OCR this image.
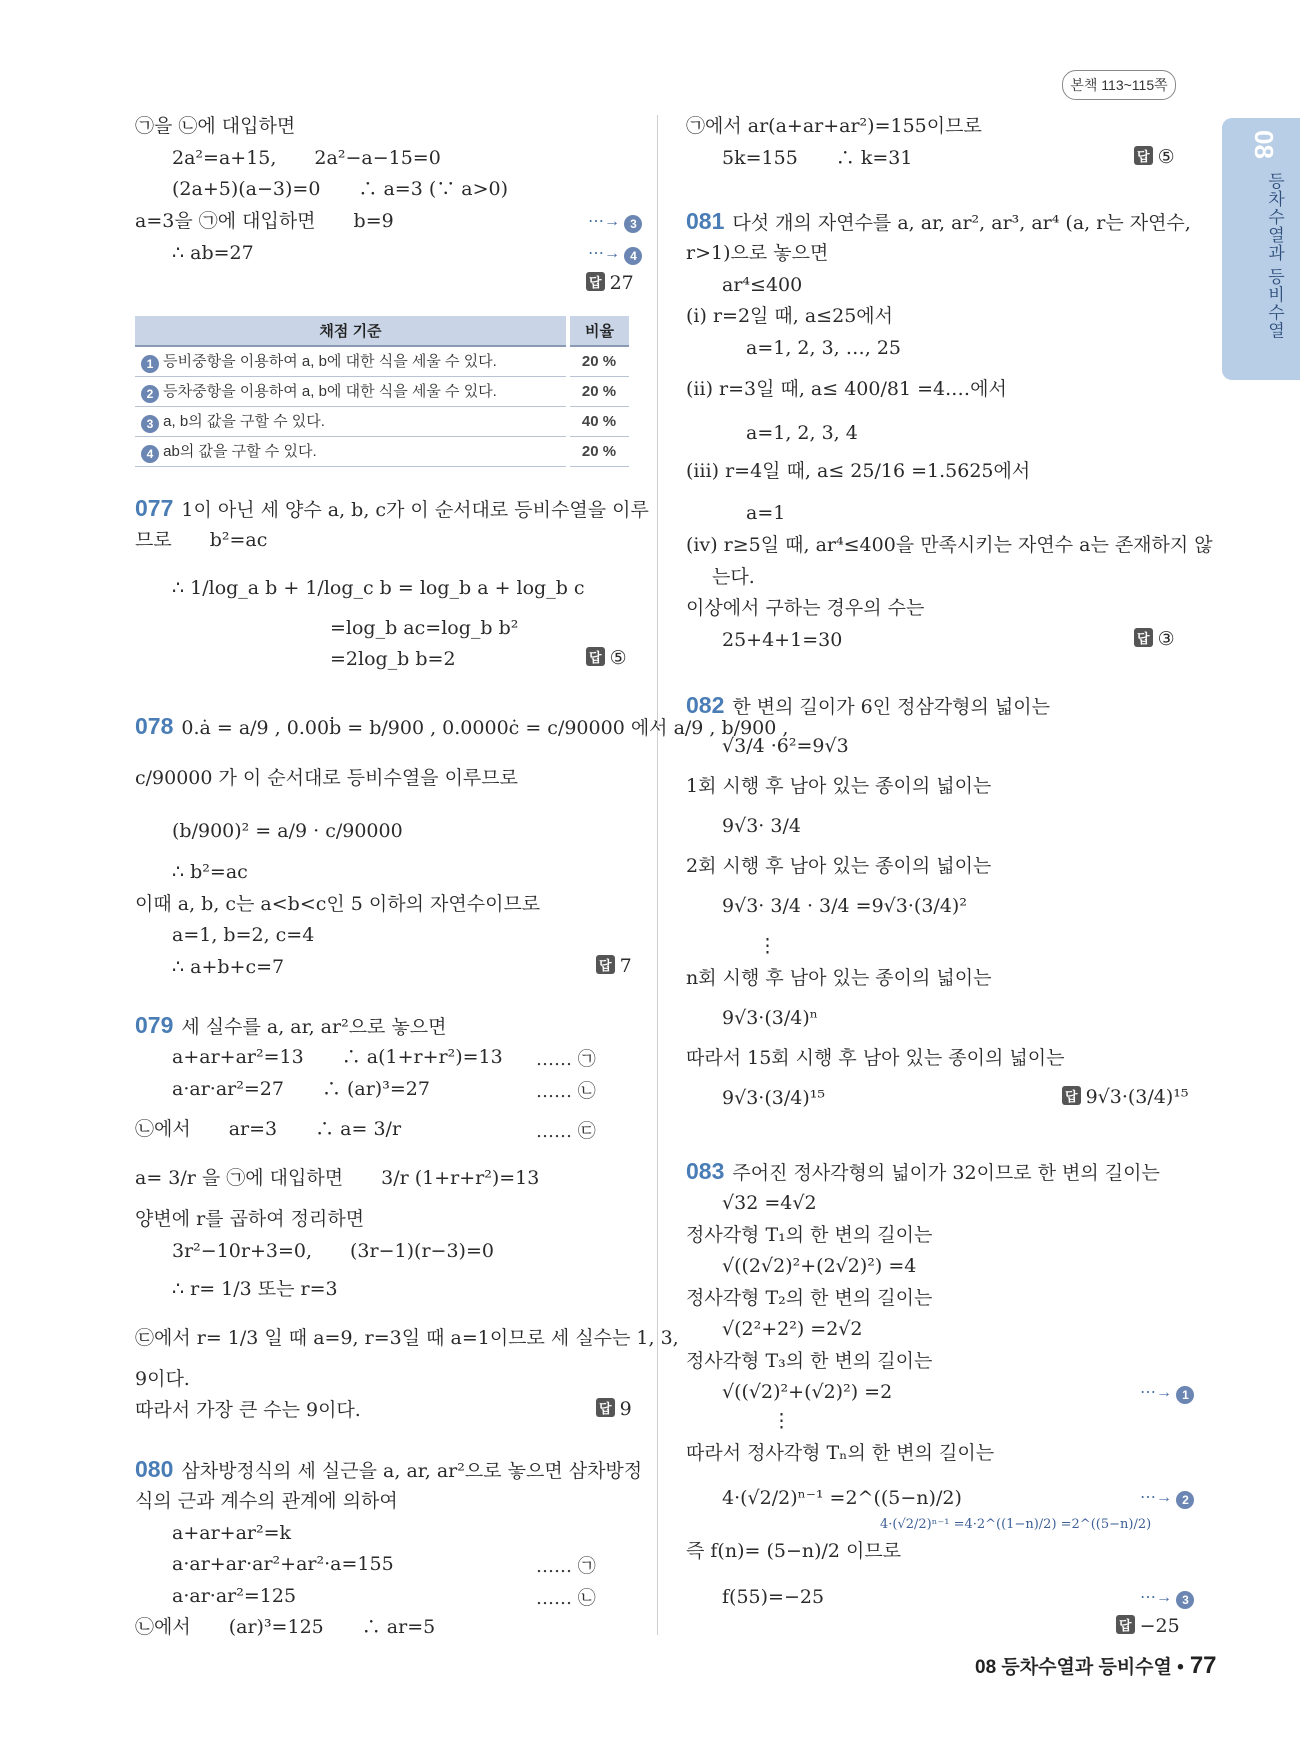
본책 113~115쪽
08
등차수열과 등비수열
㉠을 ㉡에 대입하면
2a²=a+15,　　2a²−a−15=0
(2a+5)(a−3)=0　　∴ a=3 (∵ a>0)
a=3을 ㉠에 대입하면　　b=9	⋯→ 3
∴ ab=27	⋯→ 4
답 27
채점 기준	비율
1 등비중항을 이용하여 a, b에 대한 식을 세울 수 있다.	20 %
2 등차중항을 이용하여 a, b에 대한 식을 세울 수 있다.	20 %
3 a, b의 값을 구할 수 있다.	40 %
4 ab의 값을 구할 수 있다.	20 %
077 1이 아닌 세 양수 a, b, c가 이 순서대로 등비수열을 이루
므로　　b²=ac
∴ 1/log_a b + 1/log_c b = log_b a + log_b c
=log_b ac=log_b b²
=2log_b b=2	답 ⑤
078 0.ȧ = a/9 , 0.00ḃ = b/900 , 0.0000ċ = c/90000 에서 a/9 , b/900 ,
c/90000 가 이 순서대로 등비수열을 이루므로
(b/900)² = a/9 · c/90000
∴ b²=ac
이때 a, b, c는 a<b<c인 5 이하의 자연수이므로
a=1, b=2, c=4
∴ a+b+c=7	답 7
079 세 실수를 a, ar, ar²으로 놓으면
a+ar+ar²=13　　∴ a(1+r+r²)=13 …… ㉠
a·ar·ar²=27　　∴ (ar)³=27	…… ㉡
㉡에서　　ar=3　　∴ a= 3/r	…… ㉢
a= 3/r 을 ㉠에 대입하면　　3/r (1+r+r²)=13
양변에 r를 곱하여 정리하면
3r²−10r+3=0,　　(3r−1)(r−3)=0
∴ r= 1/3 또는 r=3
㉢에서 r= 1/3 일 때 a=9, r=3일 때 a=1이므로 세 실수는 1, 3,
9이다.
따라서 가장 큰 수는 9이다.	답 9
080 삼차방정식의 세 실근을 a, ar, ar²으로 놓으면 삼차방정
식의 근과 계수의 관계에 의하여
a+ar+ar²=k
a·ar+ar·ar²+ar²·a=155	…… ㉠
a·ar·ar²=125	…… ㉡
㉡에서　　(ar)³=125　　∴ ar=5
㉠에서 ar(a+ar+ar²)=155이므로
5k=155　　∴ k=31	답 ⑤
081 다섯 개의 자연수를 a, ar, ar², ar³, ar⁴ (a, r는 자연수,
r>1)으로 놓으면
ar⁴≤400
(ⅰ) r=2일 때, a≤25에서
a=1, 2, 3, …, 25
(ⅱ) r=3일 때, a≤ 400/81 =4.…에서
a=1, 2, 3, 4
(ⅲ) r=4일 때, a≤ 25/16 =1.5625에서
a=1
(ⅳ) r≥5일 때, ar⁴≤400을 만족시키는 자연수 a는 존재하지 않
는다.
이상에서 구하는 경우의 수는
25+4+1=30	답 ③
082 한 변의 길이가 6인 정삼각형의 넓이는
√3/4 ·6²=9√3
1회 시행 후 남아 있는 종이의 넓이는
9√3· 3/4
2회 시행 후 남아 있는 종이의 넓이는
9√3· 3/4 · 3/4 =9√3·(3/4)²
⋮
n회 시행 후 남아 있는 종이의 넓이는
9√3·(3/4)ⁿ
따라서 15회 시행 후 남아 있는 종이의 넓이는
9√3·(3/4)¹⁵	답 9√3·(3/4)¹⁵
083 주어진 정사각형의 넓이가 32이므로 한 변의 길이는
√32 =4√2
정사각형 T₁의 한 변의 길이는
√((2√2)²+(2√2)²) =4
정사각형 T₂의 한 변의 길이는
√(2²+2²) =2√2
정사각형 T₃의 한 변의 길이는
√((√2)²+(√2)²) =2	⋯→ 1
⋮
따라서 정사각형 Tₙ의 한 변의 길이는
4·(√2/2)ⁿ⁻¹ =2^((5−n)/2)	⋯→ 2
4·(√2/2)ⁿ⁻¹ =4·2^((1−n)/2) =2^((5−n)/2)
즉 f(n)= (5−n)/2 이므로
f(55)=−25	⋯→ 3
답 −25
08 등차수열과 등비수열 • 77
